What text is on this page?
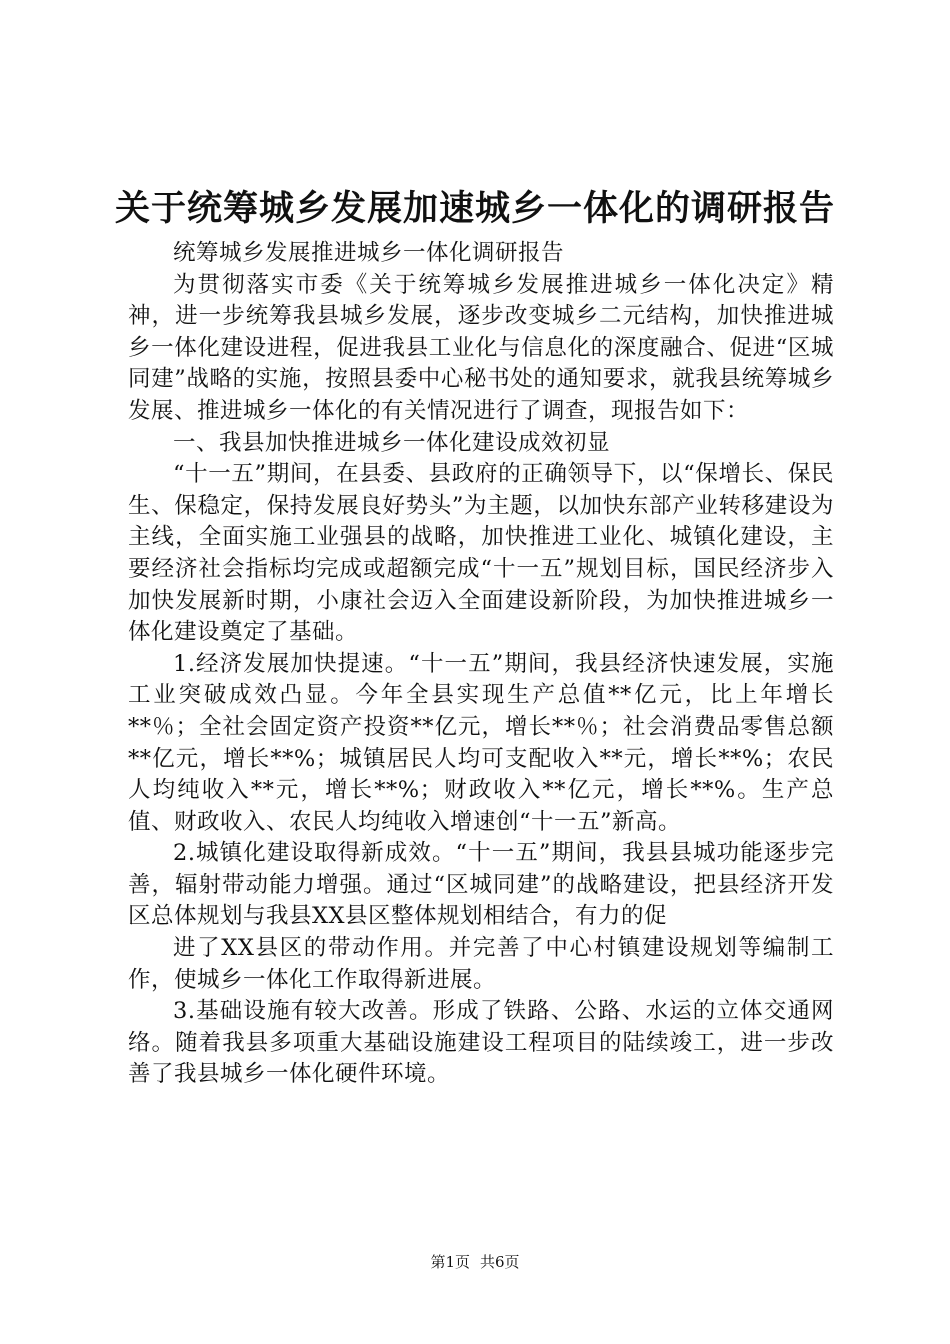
关于统筹城乡发展加速城乡一体化的调研报告

统筹城乡发展推进城乡一体化调研报告

为贯彻落实市委《关于统筹城乡发展推进城乡一体化决定》精神，进一步统筹我县城乡发展，逐步改变城乡二元结构，加快推进城乡一体化建设进程，促进我县工业化与信息化的深度融合、促进“区城同建”战略的实施，按照县委中心秘书处的通知要求，就我县统筹城乡发展、推进城乡一体化的有关情况进行了调查，现报告如下：

一、我县加快推进城乡一体化建设成效初显

“十一五”期间，在县委、县政府的正确领导下，以“保增长、保民生、保稳定，保持发展良好势头”为主题，以加快东部产业转移建设为主线，全面实施工业强县的战略，加快推进工业化、城镇化建设，主要经济社会指标均完成或超额完成“十一五”规划目标，国民经济步入加快发展新时期，小康社会迈入全面建设新阶段，为加快推进城乡一体化建设奠定了基础。

1.经济发展加快提速。“十一五”期间，我县经济快速发展，实施工业突破成效凸显。今年全县实现生产总值**亿元，比上年增长**％；全社会固定资产投资**亿元，增长**％；社会消费品零售总额**亿元，增长**%；城镇居民人均可支配收入**元，增长**%；农民人均纯收入**元，增长**%；财政收入**亿元，增长**%。生产总值、财政收入、农民人均纯收入增速创“十一五”新高。

2.城镇化建设取得新成效。“十一五”期间，我县县城功能逐步完善，辐射带动能力增强。通过“区城同建”的战略建设，把县经济开发区总体规划与我县XX县区整体规划相结合，有力的促

进了XX县区的带动作用。并完善了中心村镇建设规划等编制工作，使城乡一体化工作取得新进展。

3.基础设施有较大改善。形成了铁路、公路、水运的立体交通网络。随着我县多项重大基础设施建设工程项目的陆续竣工，进一步改善了我县城乡一体化硬件环境。

第1页 共6页
